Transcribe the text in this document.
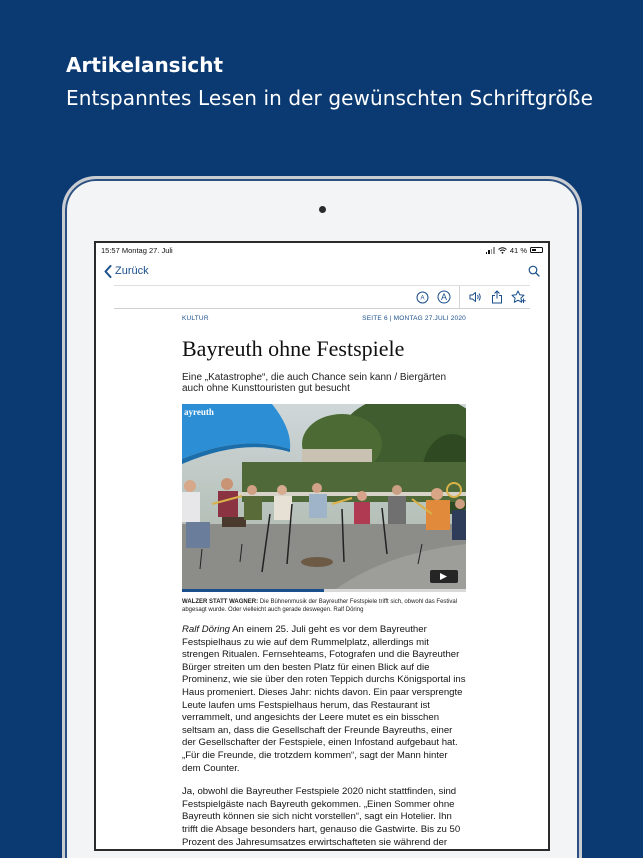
Artikelansicht
Entspanntes Lesen in der gewünschten Schriftgröße
15:57 Montag 27. Juli	41 %
Zurück
A A
KULTUR	SEITE 6 | MONTAG 27.JULI 2020
Bayreuth ohne Festspiele
Eine „Katastrophe“, die auch Chance sein kann / Biergärten auch ohne Kunsttouristen gut besucht
ayreuth
WALZER STATT WAGNER: Die Bühnenmusik der Bayreuther Festspiele trifft sich, obwohl das Festival abgesagt wurde. Oder vielleicht auch gerade deswegen. Ralf Döring

Ralf Döring An einem 25. Juli geht es vor dem Bayreuther Festspielhaus zu wie auf dem Rummelplatz, allerdings mit strengen Ritualen. Fernsehteams, Fotografen und die Bayreuther Bürger streiten um den besten Platz für einen Blick auf die Prominenz, wie sie über den roten Teppich durchs Königsportal ins Haus promeniert. Dieses Jahr: nichts davon. Ein paar versprengte Leute laufen ums Festspielhaus herum, das Restaurant ist verrammelt, und angesichts der Leere mutet es ein bisschen seltsam an, dass die Gesellschaft der Freunde Bayreuths, einer der Gesellschafter der Festspiele, einen Infostand aufgebaut hat. „Für die Freunde, die trotzdem kommen“, sagt der Mann hinter dem Counter.

Ja, obwohl die Bayreuther Festspiele 2020 nicht stattfinden, sind Festspielgäste nach Bayreuth gekommen. „Einen Sommer ohne Bayreuth können sie sich nicht vorstellen“, sagt ein Hotelier. Ihn trifft die Absage besonders hart, genauso die Gastwirte. Bis zu 50 Prozent des Jahresumsatzes erwirtschafteten sie während der
